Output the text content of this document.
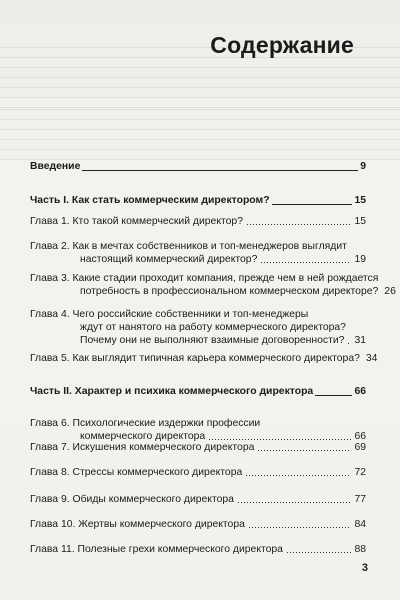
Содержание
Введение	9
Часть I. Как стать коммерческим директором?	15
Глава 1. Кто такой коммерческий директор?	15
Глава 2. Как в мечтах собственников и топ-менеджеров выглядит
настоящий коммерческий директор?	19
Глава 3. Какие стадии проходит компания, прежде чем в ней рождается
потребность в профессиональном коммерческом директоре? 26
Глава 4. Чего российские собственники и топ-менеджеры
ждут от нанятого на работу коммерческого директора?
Почему они не выполняют взаимные договоренности? 31
Глава 5. Как выглядит типичная карьера коммерческого директора? 34
Часть II. Характер и психика коммерческого директора	66
Глава 6. Психологические издержки профессии
коммерческого директора	66
Глава 7. Искушения коммерческого директора	69
Глава 8. Стрессы коммерческого директора	72
Глава 9. Обиды коммерческого директора	77
Глава 10. Жертвы коммерческого директора	84
Глава 11. Полезные грехи коммерческого директора	88
3
